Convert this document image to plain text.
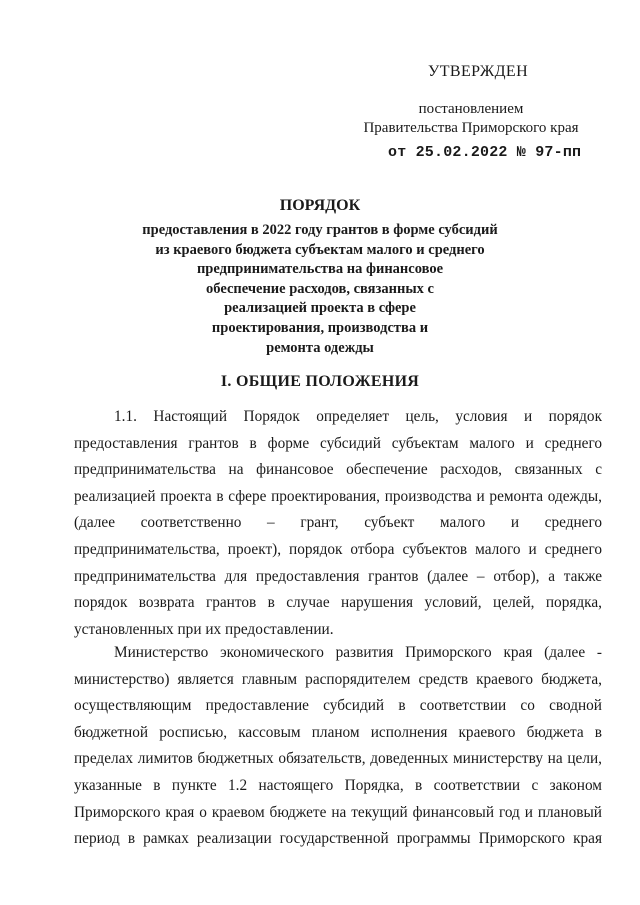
УТВЕРЖДЕН
постановлением
Правительства Приморского края
от 25.02.2022 № 97-пп
ПОРЯДОК
предоставления в 2022 году грантов в форме субсидий
из краевого бюджета субъектам малого и среднего
предпринимательства на финансовое
обеспечение расходов, связанных с
реализацией проекта в сфере
проектирования, производства и
ремонта одежды
I. ОБЩИЕ ПОЛОЖЕНИЯ
1.1. Настоящий Порядок определяет цель, условия и порядок
предоставления грантов в форме субсидий субъектам малого и среднего
предпринимательства на финансовое обеспечение расходов, связанных с
реализацией проекта в сфере проектирования, производства и ремонта одежды,
(далее соответственно – грант, субъект малого и среднего
предпринимательства, проект), порядок отбора субъектов малого и среднего
предпринимательства для предоставления грантов (далее – отбор), а также
порядок возврата грантов в случае нарушения условий, целей, порядка,
установленных при их предоставлении.
Министерство экономического развития Приморского края (далее -
министерство) является главным распорядителем средств краевого бюджета,
осуществляющим предоставление субсидий в соответствии со сводной
бюджетной росписью, кассовым планом исполнения краевого бюджета в
пределах лимитов бюджетных обязательств, доведенных министерству на цели,
указанные в пункте 1.2 настоящего Порядка, в соответствии с законом
Приморского края о краевом бюджете на текущий финансовый год и плановый
период в рамках реализации государственной программы Приморского края
